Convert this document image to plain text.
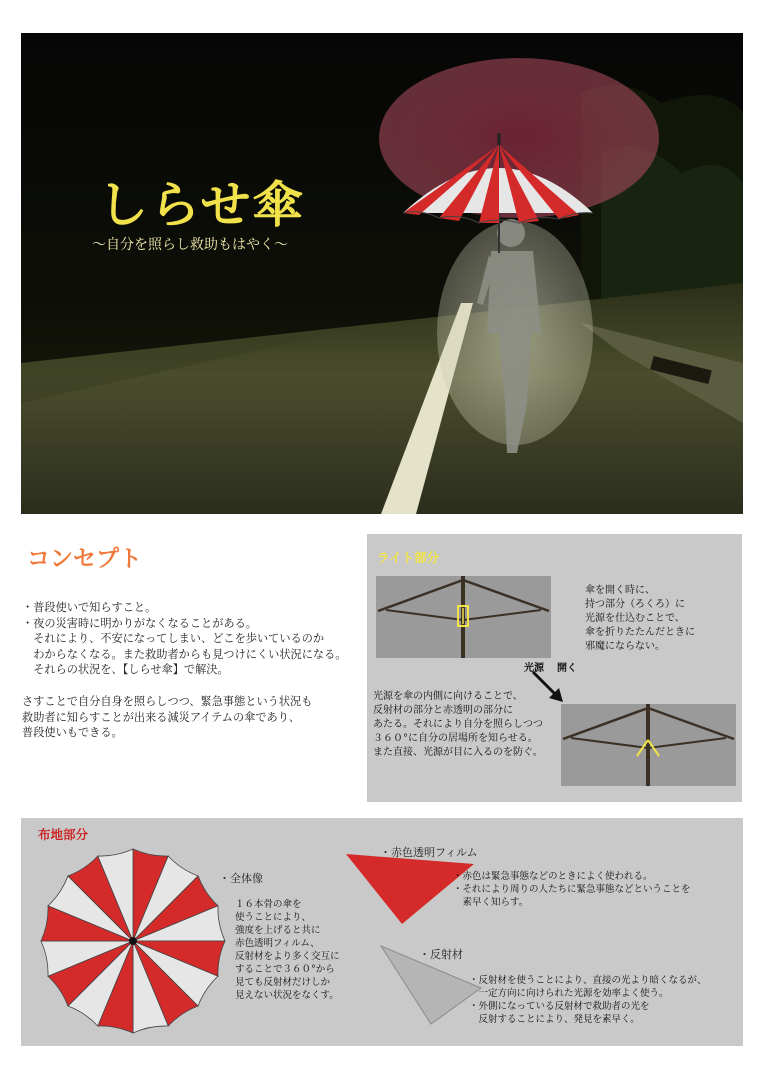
しらせ傘
〜自分を照らし救助もはやく〜
コンセプト
・普段使いで知らすこと。
・夜の災害時に明かりがなくなることがある。
　それにより、不安になってしまい、どこを歩いているのか
　わからなくなる。また救助者からも見つけにくい状況になる。
　それらの状況を、【しらせ傘】で解決。
さすことで自分自身を照らしつつ、緊急事態という状況も
救助者に知らすことが出来る減災アイテムの傘であり、
普段使いもできる。
ライト部分
傘を開く時に、
持つ部分（ろくろ）に
光源を仕込むことで、
傘を折りたたんだときに
邪魔にならない。
光源 開く
光源を傘の内側に向けることで、
反射材の部分と赤透明の部分に
あたる。それにより自分を照らしつつ
３６０°に自分の居場所を知らせる。
また直接、光源が目に入るのを防ぐ。
布地部分
・全体像
１６本骨の傘を
使うことにより、
強度を上げると共に
赤色透明フィルム、
反射材をより多く交互に
することで３６０°から
見ても反射材だけしか
見えない状況をなくす。
・赤色透明フィルム
・赤色は緊急事態などのときによく使われる。
・それにより周りの人たちに緊急事態などということを
　素早く知らす。
・反射材
・反射材を使うことにより、直接の光より暗くなるが、
　一定方向に向けられた光源を効率よく使う。
・外側になっている反射材で救助者の光を
　反射することにより、発見を素早く。
